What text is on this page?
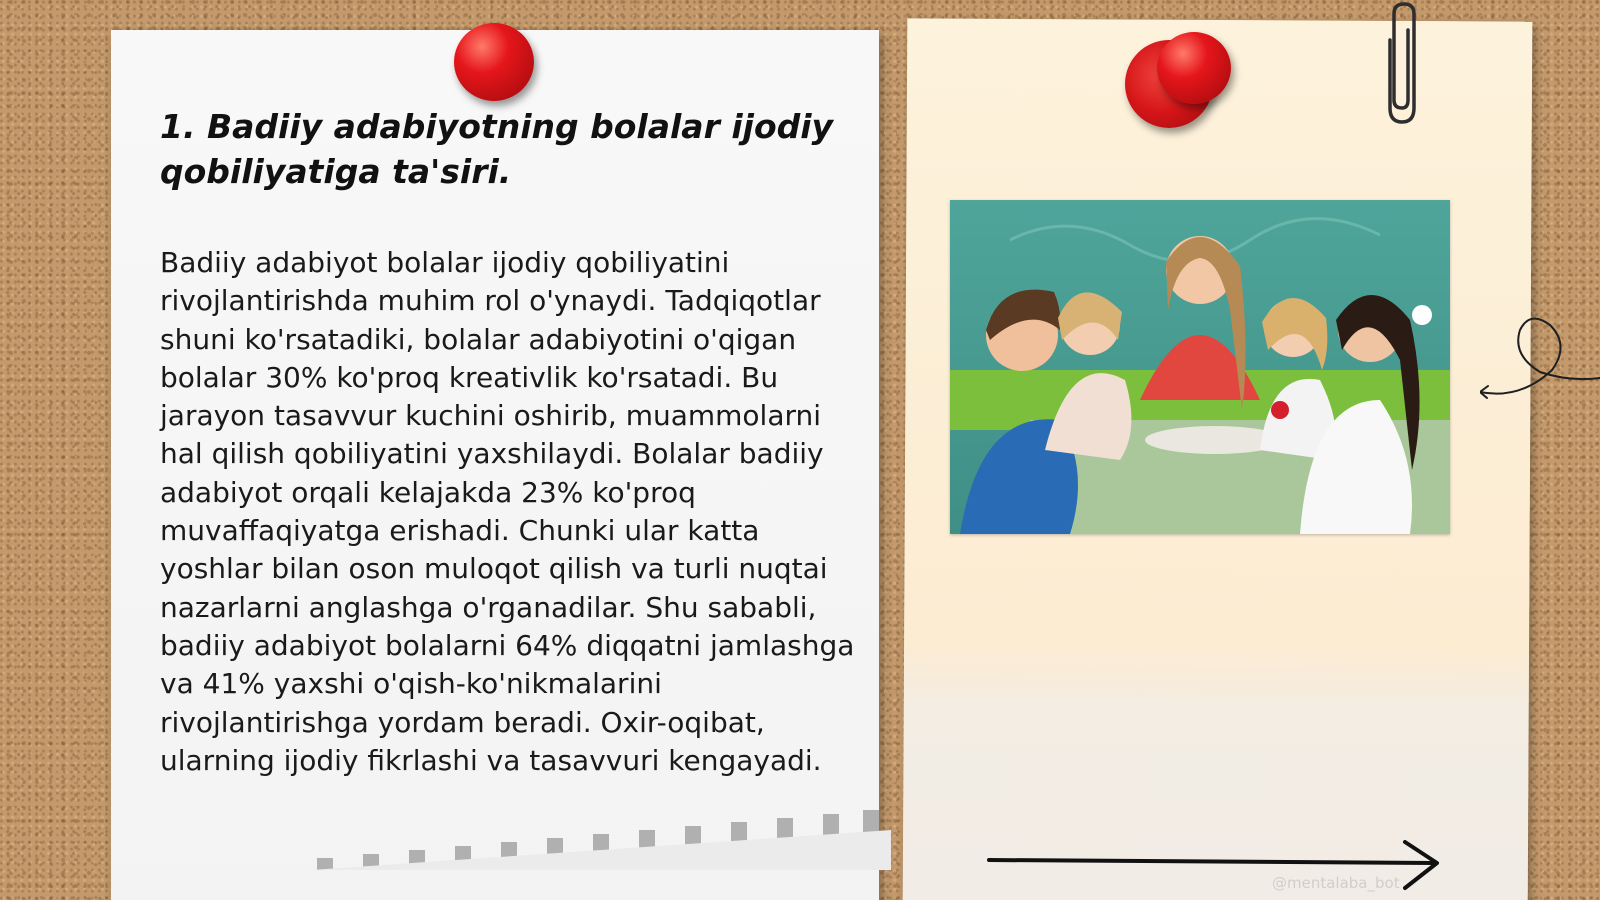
1. Badiiy adabiyotning bolalar ijodiy qobiliyatiga ta'siri.

Badiiy adabiyot bolalar ijodiy qobiliyatini rivojlantirishda muhim rol o'ynaydi. Tadqiqotlar shuni ko'rsatadiki, bolalar adabiyotini o'qigan bolalar 30% ko'proq kreativlik ko'rsatadi. Bu jarayon tasavvur kuchini oshirib, muammolarni hal qilish qobiliyatini yaxshilaydi. Bolalar badiiy adabiyot orqali kelajakda 23% ko'proq muvaffaqiyatga erishadi. Chunki ular katta yoshlar bilan oson muloqot qilish va turli nuqtai nazarlarni anglashga o'rganadilar. Shu sababli, badiiy adabiyot bolalarni 64% diqqatni jamlashga va 41% yaxshi o'qish-ko'nikmalarini rivojlantirishga yordam beradi. Oxir-oqibat, ularning ijodiy fikrlashi va tasavvuri kengayadi.

@mentalaba_bot
